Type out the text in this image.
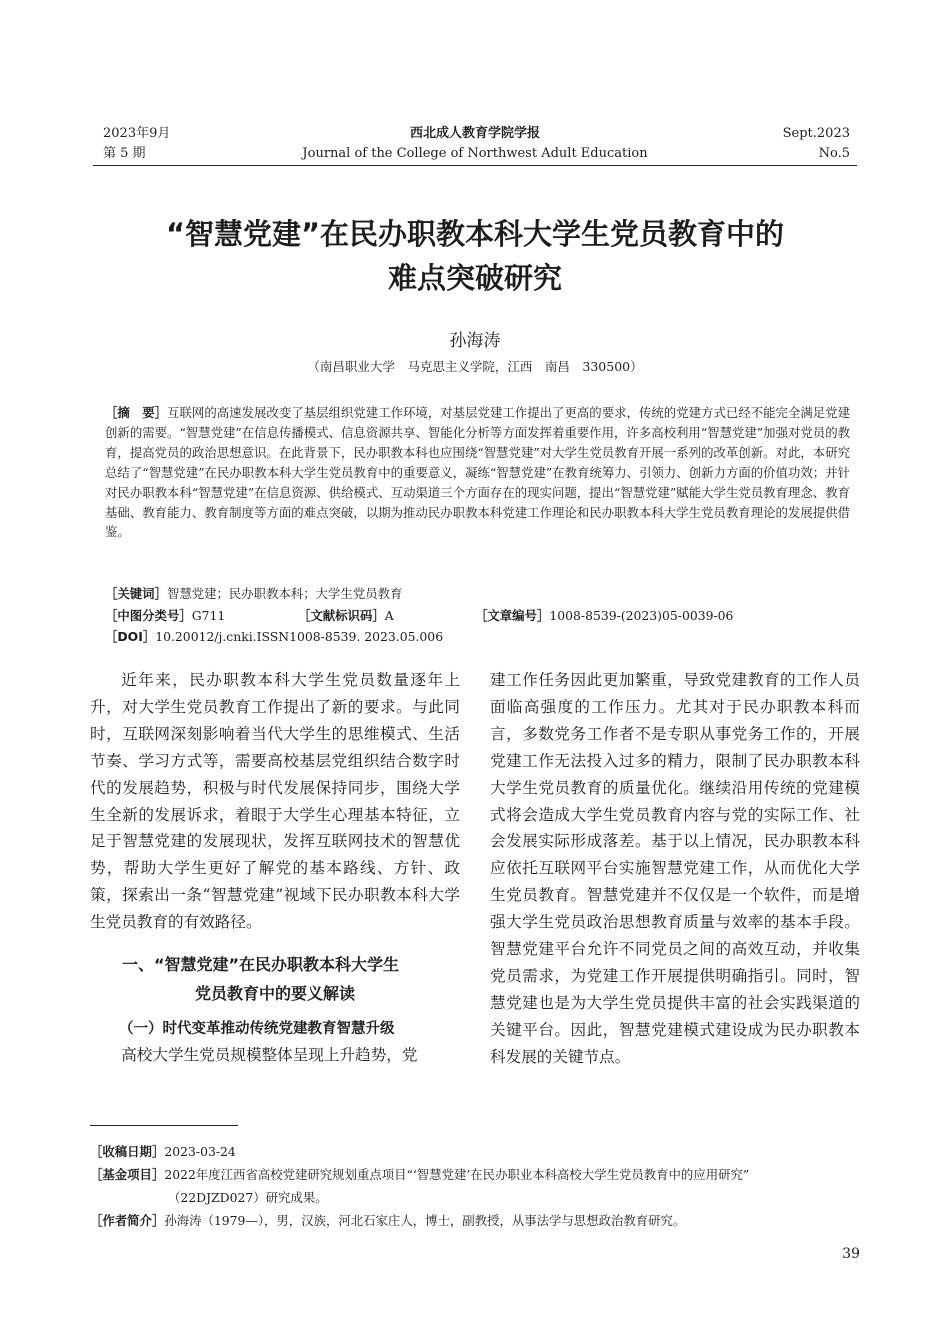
2023年9月
第 5 期
西北成人教育学院学报
Journal of the College of Northwest Adult Education
Sept.2023
No.5
“智慧党建”在民办职教本科大学生党员教育中的
难点突破研究
孙海涛
（南昌职业大学　马克思主义学院，江西　南昌　330500）
［摘　要］互联网的高速发展改变了基层组织党建工作环境，对基层党建工作提出了更高的要求，传统的党建方式已经不能完全满足党建创新的需要。“智慧党建”在信息传播模式、信息资源共享、智能化分析等方面发挥着重要作用，许多高校利用“智慧党建”加强对党员的教育，提高党员的政治思想意识。在此背景下，民办职教本科也应围绕“智慧党建”对大学生党员教育开展一系列的改革创新。对此，本研究总结了“智慧党建”在民办职教本科大学生党员教育中的重要意义，凝练“智慧党建”在教育统筹力、引领力、创新力方面的价值功效；并针对民办职教本科“智慧党建”在信息资源、供给模式、互动渠道三个方面存在的现实问题，提出“智慧党建”赋能大学生党员教育理念、教育基础、教育能力、教育制度等方面的难点突破，以期为推动民办职教本科党建工作理论和民办职教本科大学生党员教育理论的发展提供借鉴。
［关键词］智慧党建；民办职教本科；大学生党员教育
［中图分类号］G711	［文献标识码］A	［文章编号］1008-8539-(2023)05-0039-06
［DOI］10.20012/j.cnki.ISSN1008-8539. 2023.05.006

近年来，民办职教本科大学生党员数量逐年上升，对大学生党员教育工作提出了新的要求。与此同时，互联网深刻影响着当代大学生的思维模式、生活节奏、学习方式等，需要高校基层党组织结合数字时代的发展趋势，积极与时代发展保持同步，围绕大学生全新的发展诉求，着眼于大学生心理基本特征，立足于智慧党建的发展现状，发挥互联网技术的智慧优势，帮助大学生更好了解党的基本路线、方针、政策，探索出一条“智慧党建”视域下民办职教本科大学生党员教育的有效路径。

一、“智慧党建”在民办职教本科大学生
党员教育中的要义解读
（一）时代变革推动传统党建教育智慧升级

高校大学生党员规模整体呈现上升趋势，党

建工作任务因此更加繁重，导致党建教育的工作人员面临高强度的工作压力。尤其对于民办职教本科而言，多数党务工作者不是专职从事党务工作的，开展党建工作无法投入过多的精力，限制了民办职教本科大学生党员教育的质量优化。继续沿用传统的党建模式将会造成大学生党员教育内容与党的实际工作、社会发展实际形成落差。基于以上情况，民办职教本科应依托互联网平台实施智慧党建工作，从而优化大学生党员教育。智慧党建并不仅仅是一个软件，而是增强大学生党员政治思想教育质量与效率的基本手段。智慧党建平台允许不同党员之间的高效互动，并收集党员需求，为党建工作开展提供明确指引。同时，智慧党建也是为大学生党员提供丰富的社会实践渠道的关键平台。因此，智慧党建模式建设成为民办职教本科发展的关键节点。

［收稿日期］2023-03-24
［基金项目］2022年度江西省高校党建研究规划重点项目“‘智慧党建’在民办职业本科高校大学生党员教育中的应用研究”
（22DJZD027）研究成果。
［作者简介］孙海涛（1979—），男，汉族，河北石家庄人，博士，副教授，从事法学与思想政治教育研究。
39
